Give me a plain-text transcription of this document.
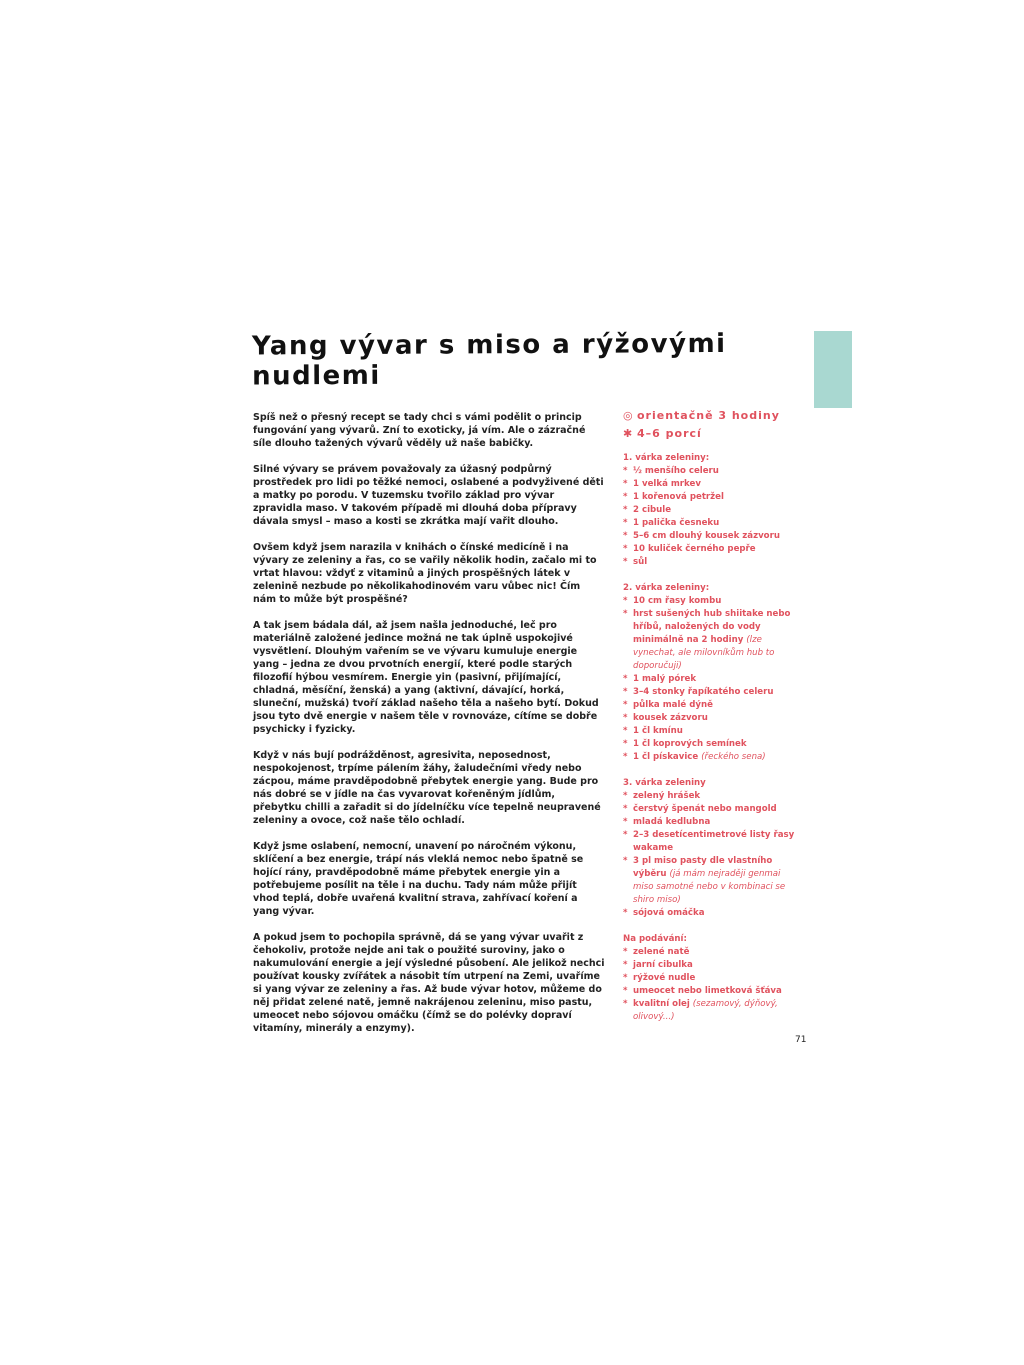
Yang vývar s miso a rýžovými nudlemi

Spíš než o přesný recept se tady chci s vámi podělit o princip fungování yang vývarů. Zní to exoticky, já vím. Ale o zázračné síle dlouho tažených vývarů věděly už naše babičky.

Silné vývary se právem považovaly za úžasný podpůrný prostředek pro lidi po těžké nemoci, oslabené a podvyživené děti a matky po porodu. V tuzemsku tvořilo základ pro vývar zpravidla maso. V takovém případě mi dlouhá doba přípravy dávala smysl – maso a kosti se zkrátka mají vařit dlouho.

Ovšem když jsem narazila v knihách o čínské medicíně i na vývary ze zeleniny a řas, co se vařily několik hodin, začalo mi to vrtat hlavou: vždyť z vitaminů a jiných prospěšných látek v zelenině nezbude po několikahodinovém varu vůbec nic! Čím nám to může být prospěšné?

A tak jsem bádala dál, až jsem našla jednoduché, leč pro materiálně založené jedince možná ne tak úplně uspokojivé vysvětlení. Dlouhým vařením se ve vývaru kumuluje energie yang – jedna ze dvou prvotních energií, které podle starých filozofií hýbou vesmírem. Energie yin (pasivní, přijímající, chladná, měsíční, ženská) a yang (aktivní, dávající, horká, sluneční, mužská) tvoří základ našeho těla a našeho bytí. Dokud jsou tyto dvě energie v našem těle v rovnováze, cítíme se dobře psychicky i fyzicky.

Když v nás bují podrážděnost, agresivita, neposednost, nespokojenost, trpíme pálením žáhy, žaludečními vředy nebo zácpou, máme pravděpodobně přebytek energie yang. Bude pro nás dobré se v jídle na čas vyvarovat kořeněným jídlům, přebytku chilli a zařadit si do jídelníčku více tepelně neupravené zeleniny a ovoce, což naše tělo ochladí.

Když jsme oslabení, nemocní, unavení po náročném výkonu, sklíčení a bez energie, trápí nás vleklá nemoc nebo špatně se hojící rány, pravděpodobně máme přebytek energie yin a potřebujeme posílit na těle i na duchu. Tady nám může přijít vhod teplá, dobře uvařená kvalitní strava, zahřívací koření a yang vývar.

A pokud jsem to pochopila správně, dá se yang vývar uvařit z čehokoliv, protože nejde ani tak o použité suroviny, jako o nakumulování energie a její výsledné působení. Ale jelikož nechci používat kousky zvířátek a násobit tím utrpení na Zemi, uvaříme si yang vývar ze zeleniny a řas. Až bude vývar hotov, můžeme do něj přidat zelené natě, jemně nakrájenou zeleninu, miso pastu, umeocet nebo sójovou omáčku (čímž se do polévky dopraví vitamíny, minerály a enzymy).

◎ orientačně 3 hodiny
✱ 4–6 porcí
1. várka zeleniny:
* ½ menšího celeru
* 1 velká mrkev
* 1 kořenová petržel
* 2 cibule
* 1 palička česneku
* 5–6 cm dlouhý kousek zázvoru
* 10 kuliček černého pepře
* sůl
2. várka zeleniny:
* 10 cm řasy kombu
* hrst sušených hub shiitake nebo hříbů, naložených do vody minimálně na 2 hodiny (lze vynechat, ale milovníkům hub to doporučuji)
* 1 malý pórek
* 3–4 stonky řapíkatého celeru
* půlka malé dýně
* kousek zázvoru
* 1 čl kmínu
* 1 čl koprových semínek
* 1 čl pískavice (řeckého sena)
3. várka zeleniny
* zelený hrášek
* čerstvý špenát nebo mangold
* mladá kedlubna
* 2–3 desetícentimetrové listy řasy wakame
* 3 pl miso pasty dle vlastního výběru (já mám nejraději genmai miso samotné nebo v kombinaci se shiro miso)
* sójová omáčka
Na podávání:
* zelené natě
* jarní cibulka
* rýžové nudle
* umeocet nebo limetková šťáva
* kvalitní olej (sezamový, dýňový, olivový...)
71
